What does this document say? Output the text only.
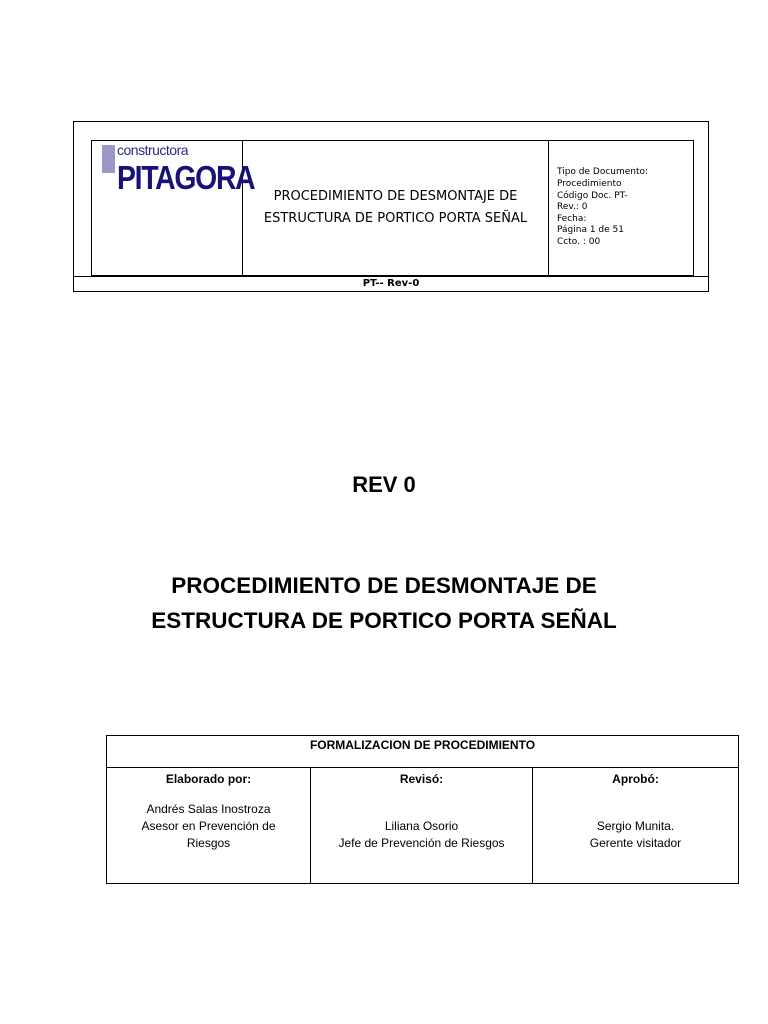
constructora
PITAGORA
PROCEDIMIENTO DE DESMONTAJE DE ESTRUCTURA DE PORTICO PORTA SEÑAL
Tipo de Documento:
Procedimiento
Código Doc. PT-
Rev.: 0
Fecha:
Página 1 de 51
Ccto. : 00
PT-- Rev-0
REV 0
PROCEDIMIENTO DE DESMONTAJE DE ESTRUCTURA DE PORTICO PORTA SEÑAL
FORMALIZACION DE PROCEDIMIENTO
Elaborado por:
Andrés Salas Inostroza
Asesor en Prevención de
Riesgos
Revisó:
Liliana Osorio
Jefe de Prevención de Riesgos
Aprobó:
Sergio Munita.
Gerente visitador
